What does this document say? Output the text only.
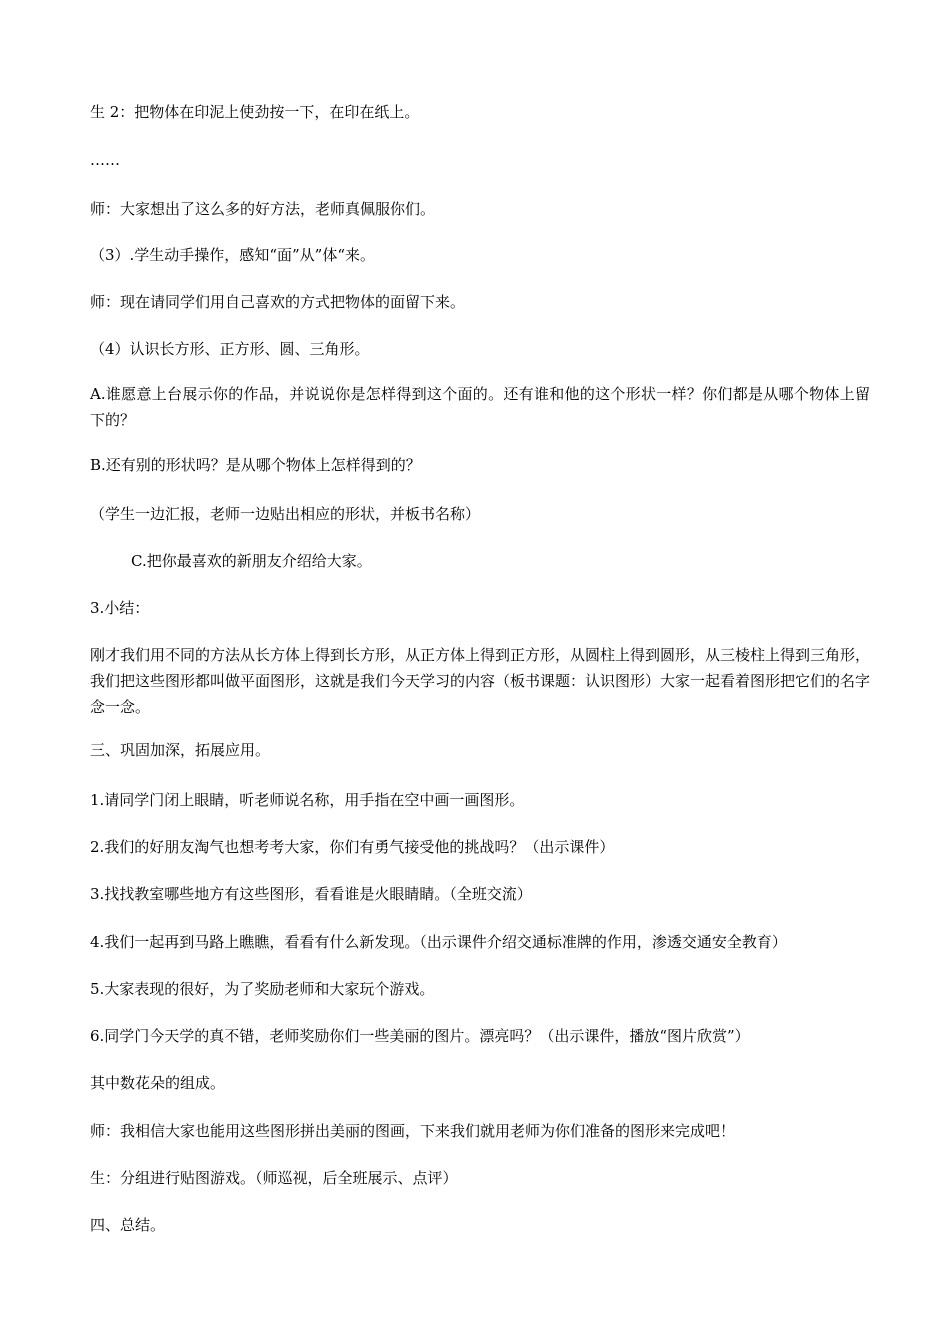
生 2：把物体在印泥上使劲按一下，在印在纸上。
……
师：大家想出了这么多的好方法，老师真佩服你们。
（3）.学生动手操作，感知“面”从”体“来。
师：现在请同学们用自己喜欢的方式把物体的面留下来。
（4）认识长方形、正方形、圆、三角形。
A.谁愿意上台展示你的作品，并说说你是怎样得到这个面的。还有谁和他的这个形状一样？你们都是从哪个物体上留下的？
B.还有别的形状吗？是从哪个物体上怎样得到的？
（学生一边汇报，老师一边贴出相应的形状，并板书名称）
C.把你最喜欢的新朋友介绍给大家。
3.小结：
刚才我们用不同的方法从长方体上得到长方形，从正方体上得到正方形，从圆柱上得到圆形，从三棱柱上得到三角形，我们把这些图形都叫做平面图形，这就是我们今天学习的内容（板书课题：认识图形）大家一起看着图形把它们的名字念一念。
三、巩固加深，拓展应用。
1.请同学门闭上眼睛，听老师说名称，用手指在空中画一画图形。
2.我们的好朋友淘气也想考考大家，你们有勇气接受他的挑战吗？（出示课件）
3.找找教室哪些地方有这些图形，看看谁是火眼睛睛。（全班交流）
4.我们一起再到马路上瞧瞧，看看有什么新发现。（出示课件介绍交通标准牌的作用，渗透交通安全教育）
5.大家表现的很好，为了奖励老师和大家玩个游戏。
6.同学门今天学的真不错，老师奖励你们一些美丽的图片。漂亮吗？（出示课件，播放“图片欣赏”）
其中数花朵的组成。
师：我相信大家也能用这些图形拼出美丽的图画，下来我们就用老师为你们准备的图形来完成吧！
生：分组进行贴图游戏。（师巡视，后全班展示、点评）
四、总结。
